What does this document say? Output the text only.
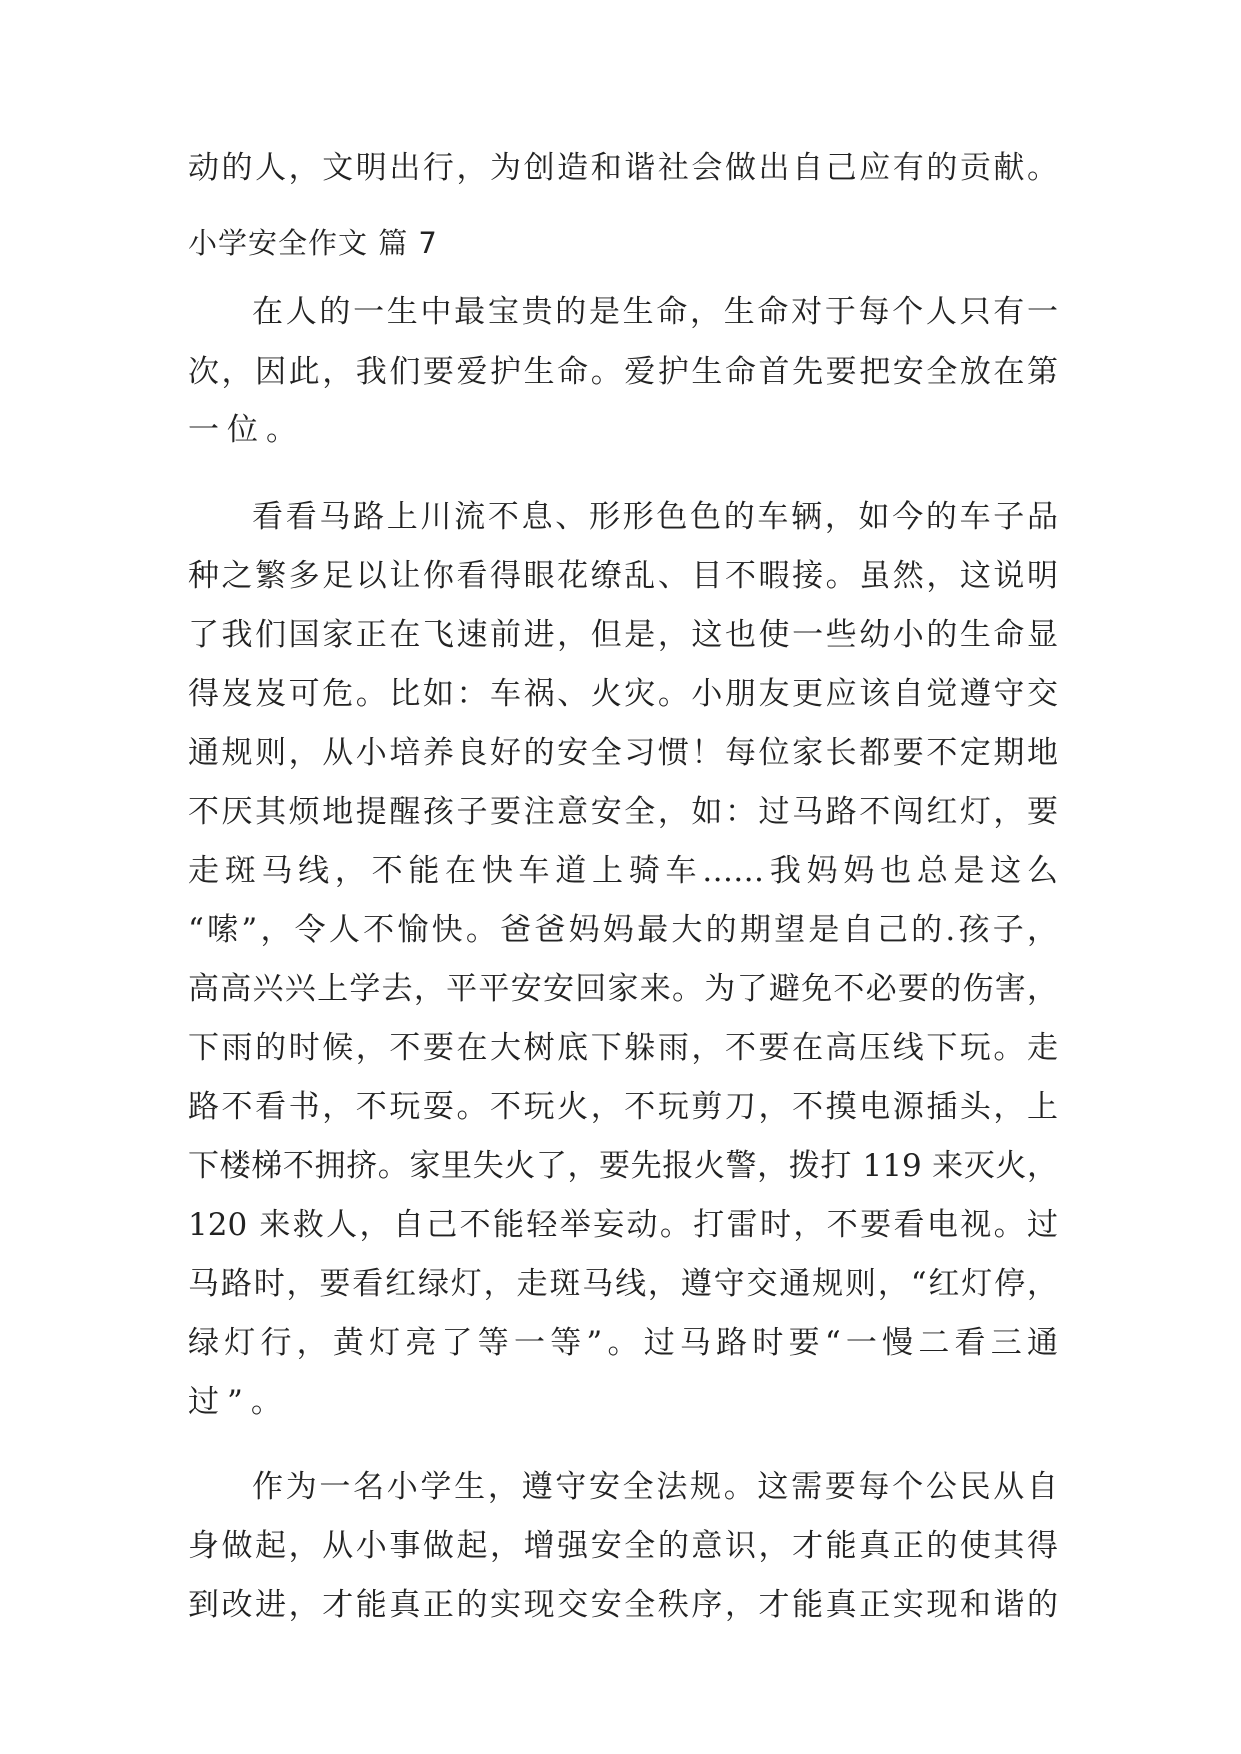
动的人，文明出行，为创造和谐社会做出自己应有的贡献。
小学安全作文 篇 7
在人的一生中最宝贵的是生命，生命对于每个人只有一
次，因此，我们要爱护生命。爱护生命首先要把安全放在第
一位。
看看马路上川流不息、形形色色的车辆，如今的车子品
种之繁多足以让你看得眼花缭乱、目不暇接。虽然，这说明
了我们国家正在飞速前进，但是，这也使一些幼小的生命显
得岌岌可危。比如：车祸、火灾。小朋友更应该自觉遵守交
通规则，从小培养良好的安全习惯！每位家长都要不定期地
不厌其烦地提醒孩子要注意安全，如：过马路不闯红灯，要
走斑马线，不能在快车道上骑车……我妈妈也总是这么
“嗦”，令人不愉快。爸爸妈妈最大的期望是自己的.孩子，
高高兴兴上学去，平平安安回家来。为了避免不必要的伤害，
下雨的时候，不要在大树底下躲雨，不要在高压线下玩。走
路不看书，不玩耍。不玩火，不玩剪刀，不摸电源插头，上
下楼梯不拥挤。家里失火了，要先报火警，拨打 119 来灭火，
120 来救人，自己不能轻举妄动。打雷时，不要看电视。过
马路时，要看红绿灯，走斑马线，遵守交通规则，“红灯停，
绿灯行，黄灯亮了等一等”。过马路时要“一慢二看三通
过”。
作为一名小学生，遵守安全法规。这需要每个公民从自
身做起，从小事做起，增强安全的意识，才能真正的使其得
到改进，才能真正的实现交安全秩序，才能真正实现和谐的
